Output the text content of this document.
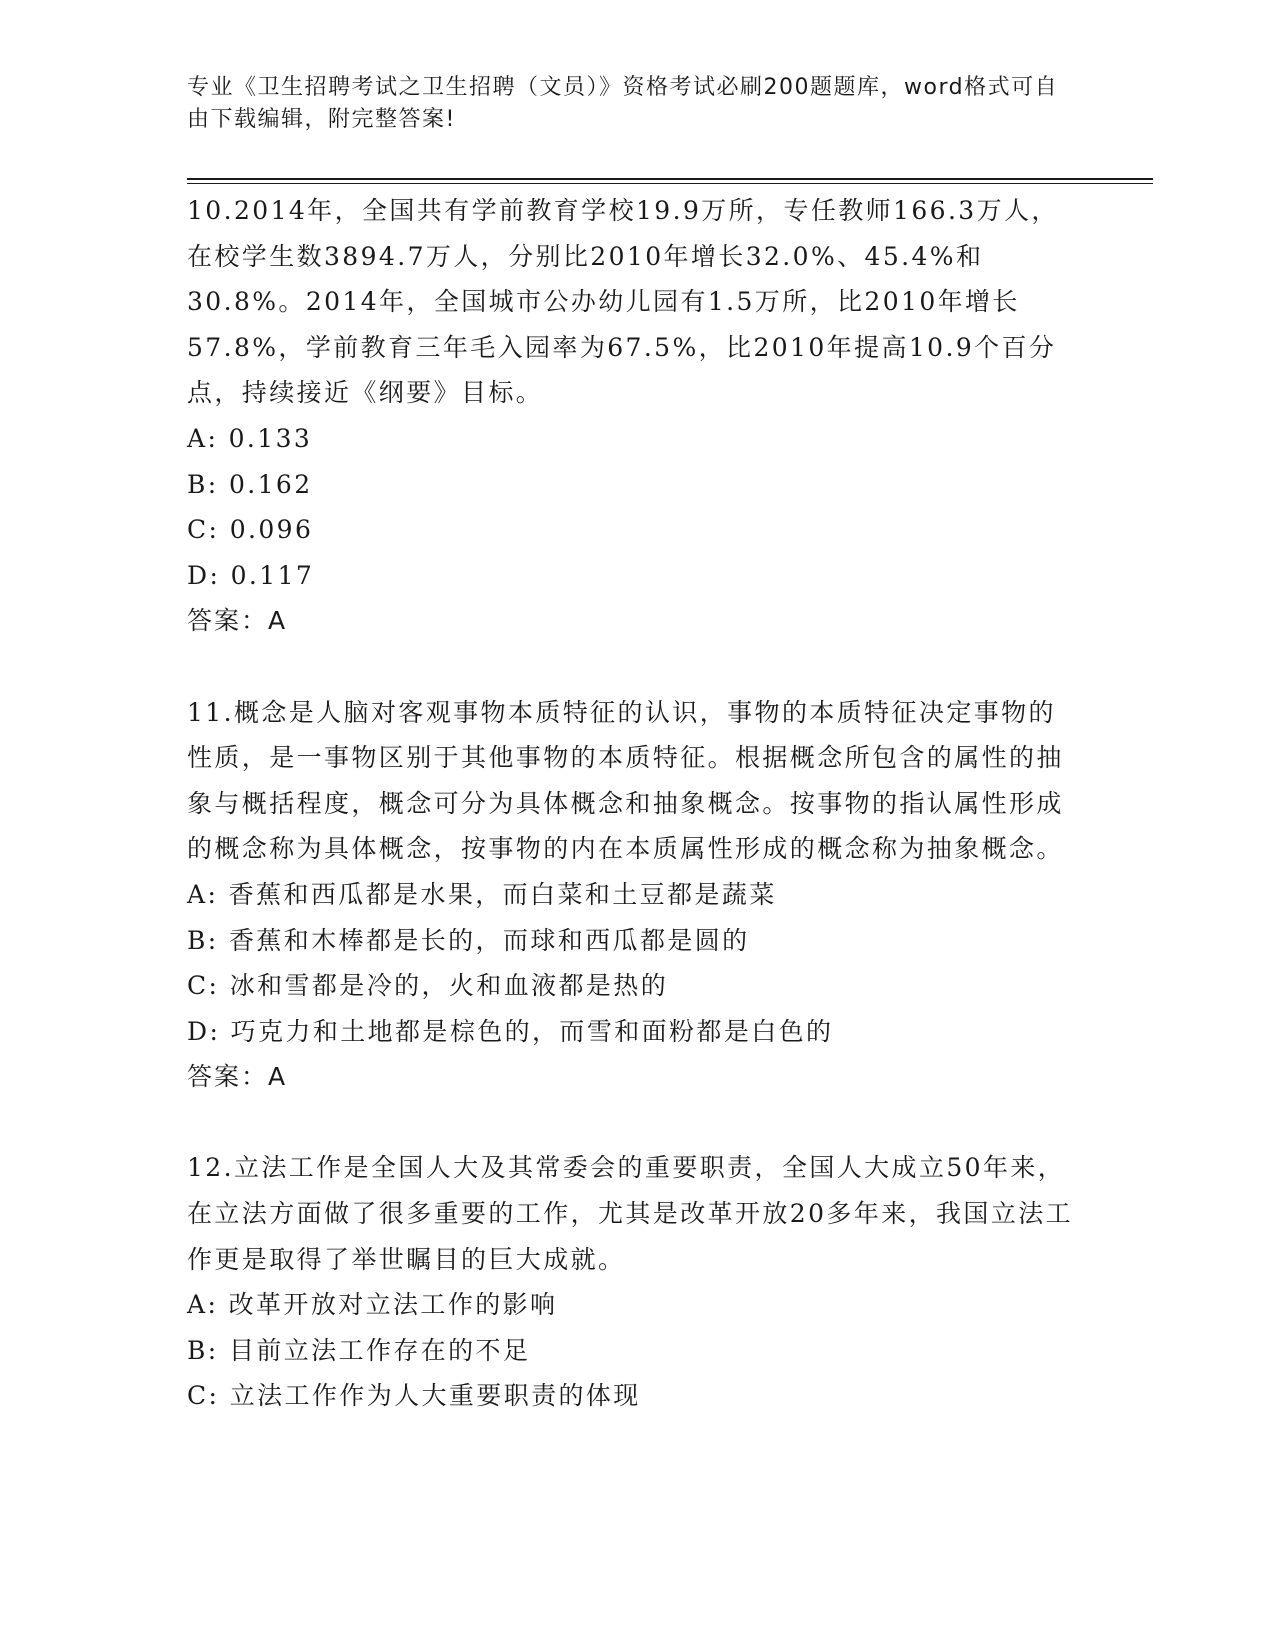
专业《卫生招聘考试之卫生招聘（文员）》资格考试必刷200题题库，word格式可自由下载编辑，附完整答案!

10.2014年，全国共有学前教育学校19.9万所，专任教师166.3万人，在校学生数3894.7万人，分别比2010年增长32.0%、45.4%和30.8%。2014年，全国城市公办幼儿园有1.5万所，比2010年增长57.8%，学前教育三年毛入园率为67.5%，比2010年提高10.9个百分点，持续接近《纲要》目标。

A: 0.133

B: 0.162

C: 0.096

D: 0.117

答案：A

11.概念是人脑对客观事物本质特征的认识，事物的本质特征决定事物的性质，是一事物区别于其他事物的本质特征。根据概念所包含的属性的抽象与概括程度，概念可分为具体概念和抽象概念。按事物的指认属性形成的概念称为具体概念，按事物的内在本质属性形成的概念称为抽象概念。

A: 香蕉和西瓜都是水果，而白菜和土豆都是蔬菜

B: 香蕉和木棒都是长的，而球和西瓜都是圆的

C: 冰和雪都是冷的，火和血液都是热的

D: 巧克力和土地都是棕色的，而雪和面粉都是白色的

答案：A

12.立法工作是全国人大及其常委会的重要职责，全国人大成立50年来，在立法方面做了很多重要的工作，尤其是改革开放20多年来，我国立法工作更是取得了举世瞩目的巨大成就。

A: 改革开放对立法工作的影响

B: 目前立法工作存在的不足

C: 立法工作作为人大重要职责的体现
